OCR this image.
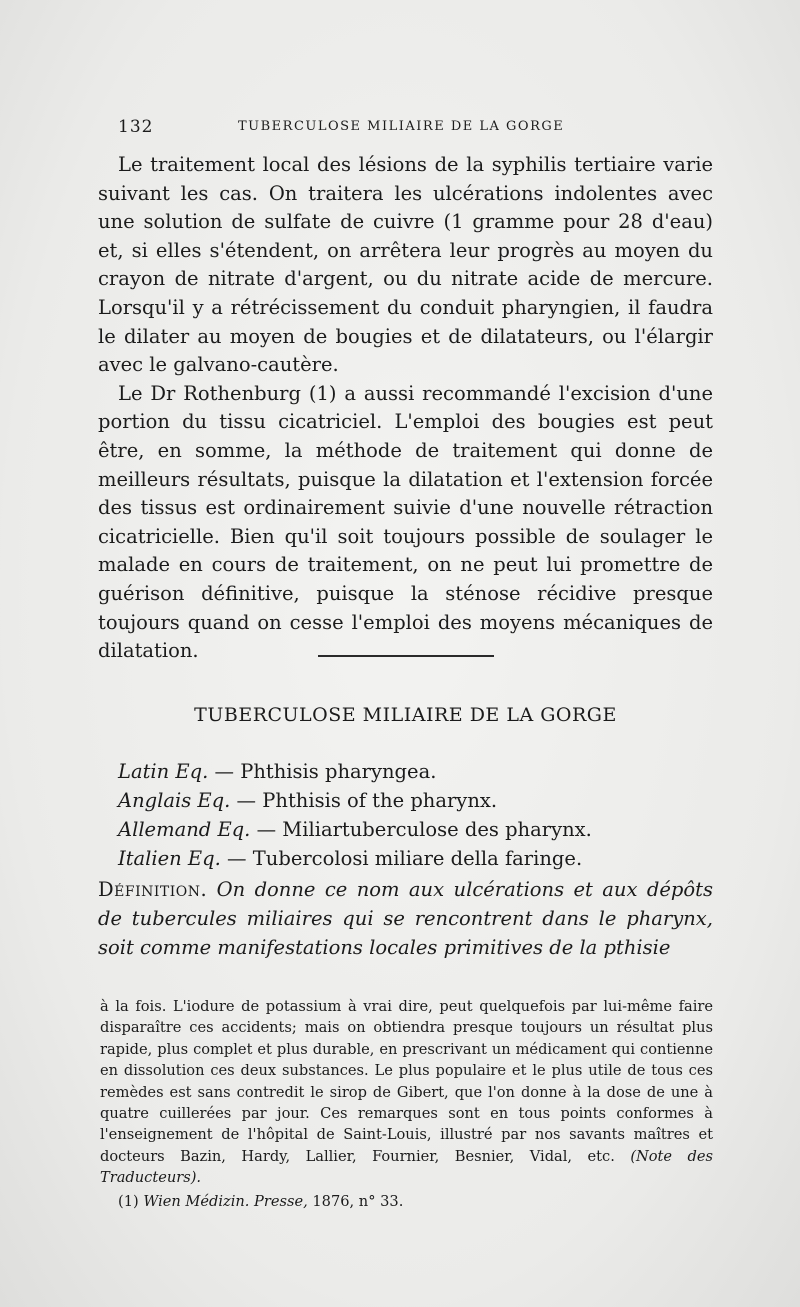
132	TUBERCULOSE MILIAIRE DE LA GORGE

Le traitement local des lésions de la syphilis tertiaire varie suivant les cas. On traitera les ulcérations indolentes avec une solution de sulfate de cuivre (1 gramme pour 28 d'eau) et, si elles s'étendent, on arrêtera leur progrès au moyen du crayon de nitrate d'argent, ou du nitrate acide de mercure. Lorsqu'il y a rétrécissement du conduit pharyngien, il faudra le dilater au moyen de bougies et de dilatateurs, ou l'élargir avec le galvano-cautère.

Le Dr Rothenburg (1) a aussi recommandé l'excision d'une portion du tissu cicatriciel. L'emploi des bougies est peut être, en somme, la méthode de traitement qui donne de meilleurs résultats, puisque la dilatation et l'extension forcée des tissus est ordinairement suivie d'une nouvelle rétraction cicatricielle. Bien qu'il soit toujours possible de soulager le malade en cours de traitement, on ne peut lui promettre de guérison définitive, puisque la sténose récidive presque toujours quand on cesse l'emploi des moyens mécaniques de dilatation.

TUBERCULOSE MILIAIRE DE LA GORGE
Latin Eq. — Phthisis pharyngea.
Anglais Eq. — Phthisis of the pharynx.
Allemand Eq. — Miliartuberculose des pharynx.
Italien Eq. — Tubercolosi miliare della faringe.
Définition. On donne ce nom aux ulcérations et aux dépôts de tubercules miliaires qui se rencontrent dans le pharynx, soit comme manifestations locales primitives de la pthisie

à la fois. L'iodure de potassium à vrai dire, peut quelquefois par lui-même faire disparaître ces accidents; mais on obtiendra presque toujours un résultat plus rapide, plus complet et plus durable, en prescrivant un médicament qui contienne en dissolution ces deux substances. Le plus populaire et le plus utile de tous ces remèdes est sans contredit le sirop de Gibert, que l'on donne à la dose de une à quatre cuillerées par jour. Ces remarques sont en tous points conformes à l'enseignement de l'hôpital de Saint-Louis, illustré par nos savants maîtres et docteurs Bazin, Hardy, Lallier, Fournier, Besnier, Vidal, etc. (Note des Traducteurs).

(1) Wien Médizin. Presse, 1876, n° 33.
